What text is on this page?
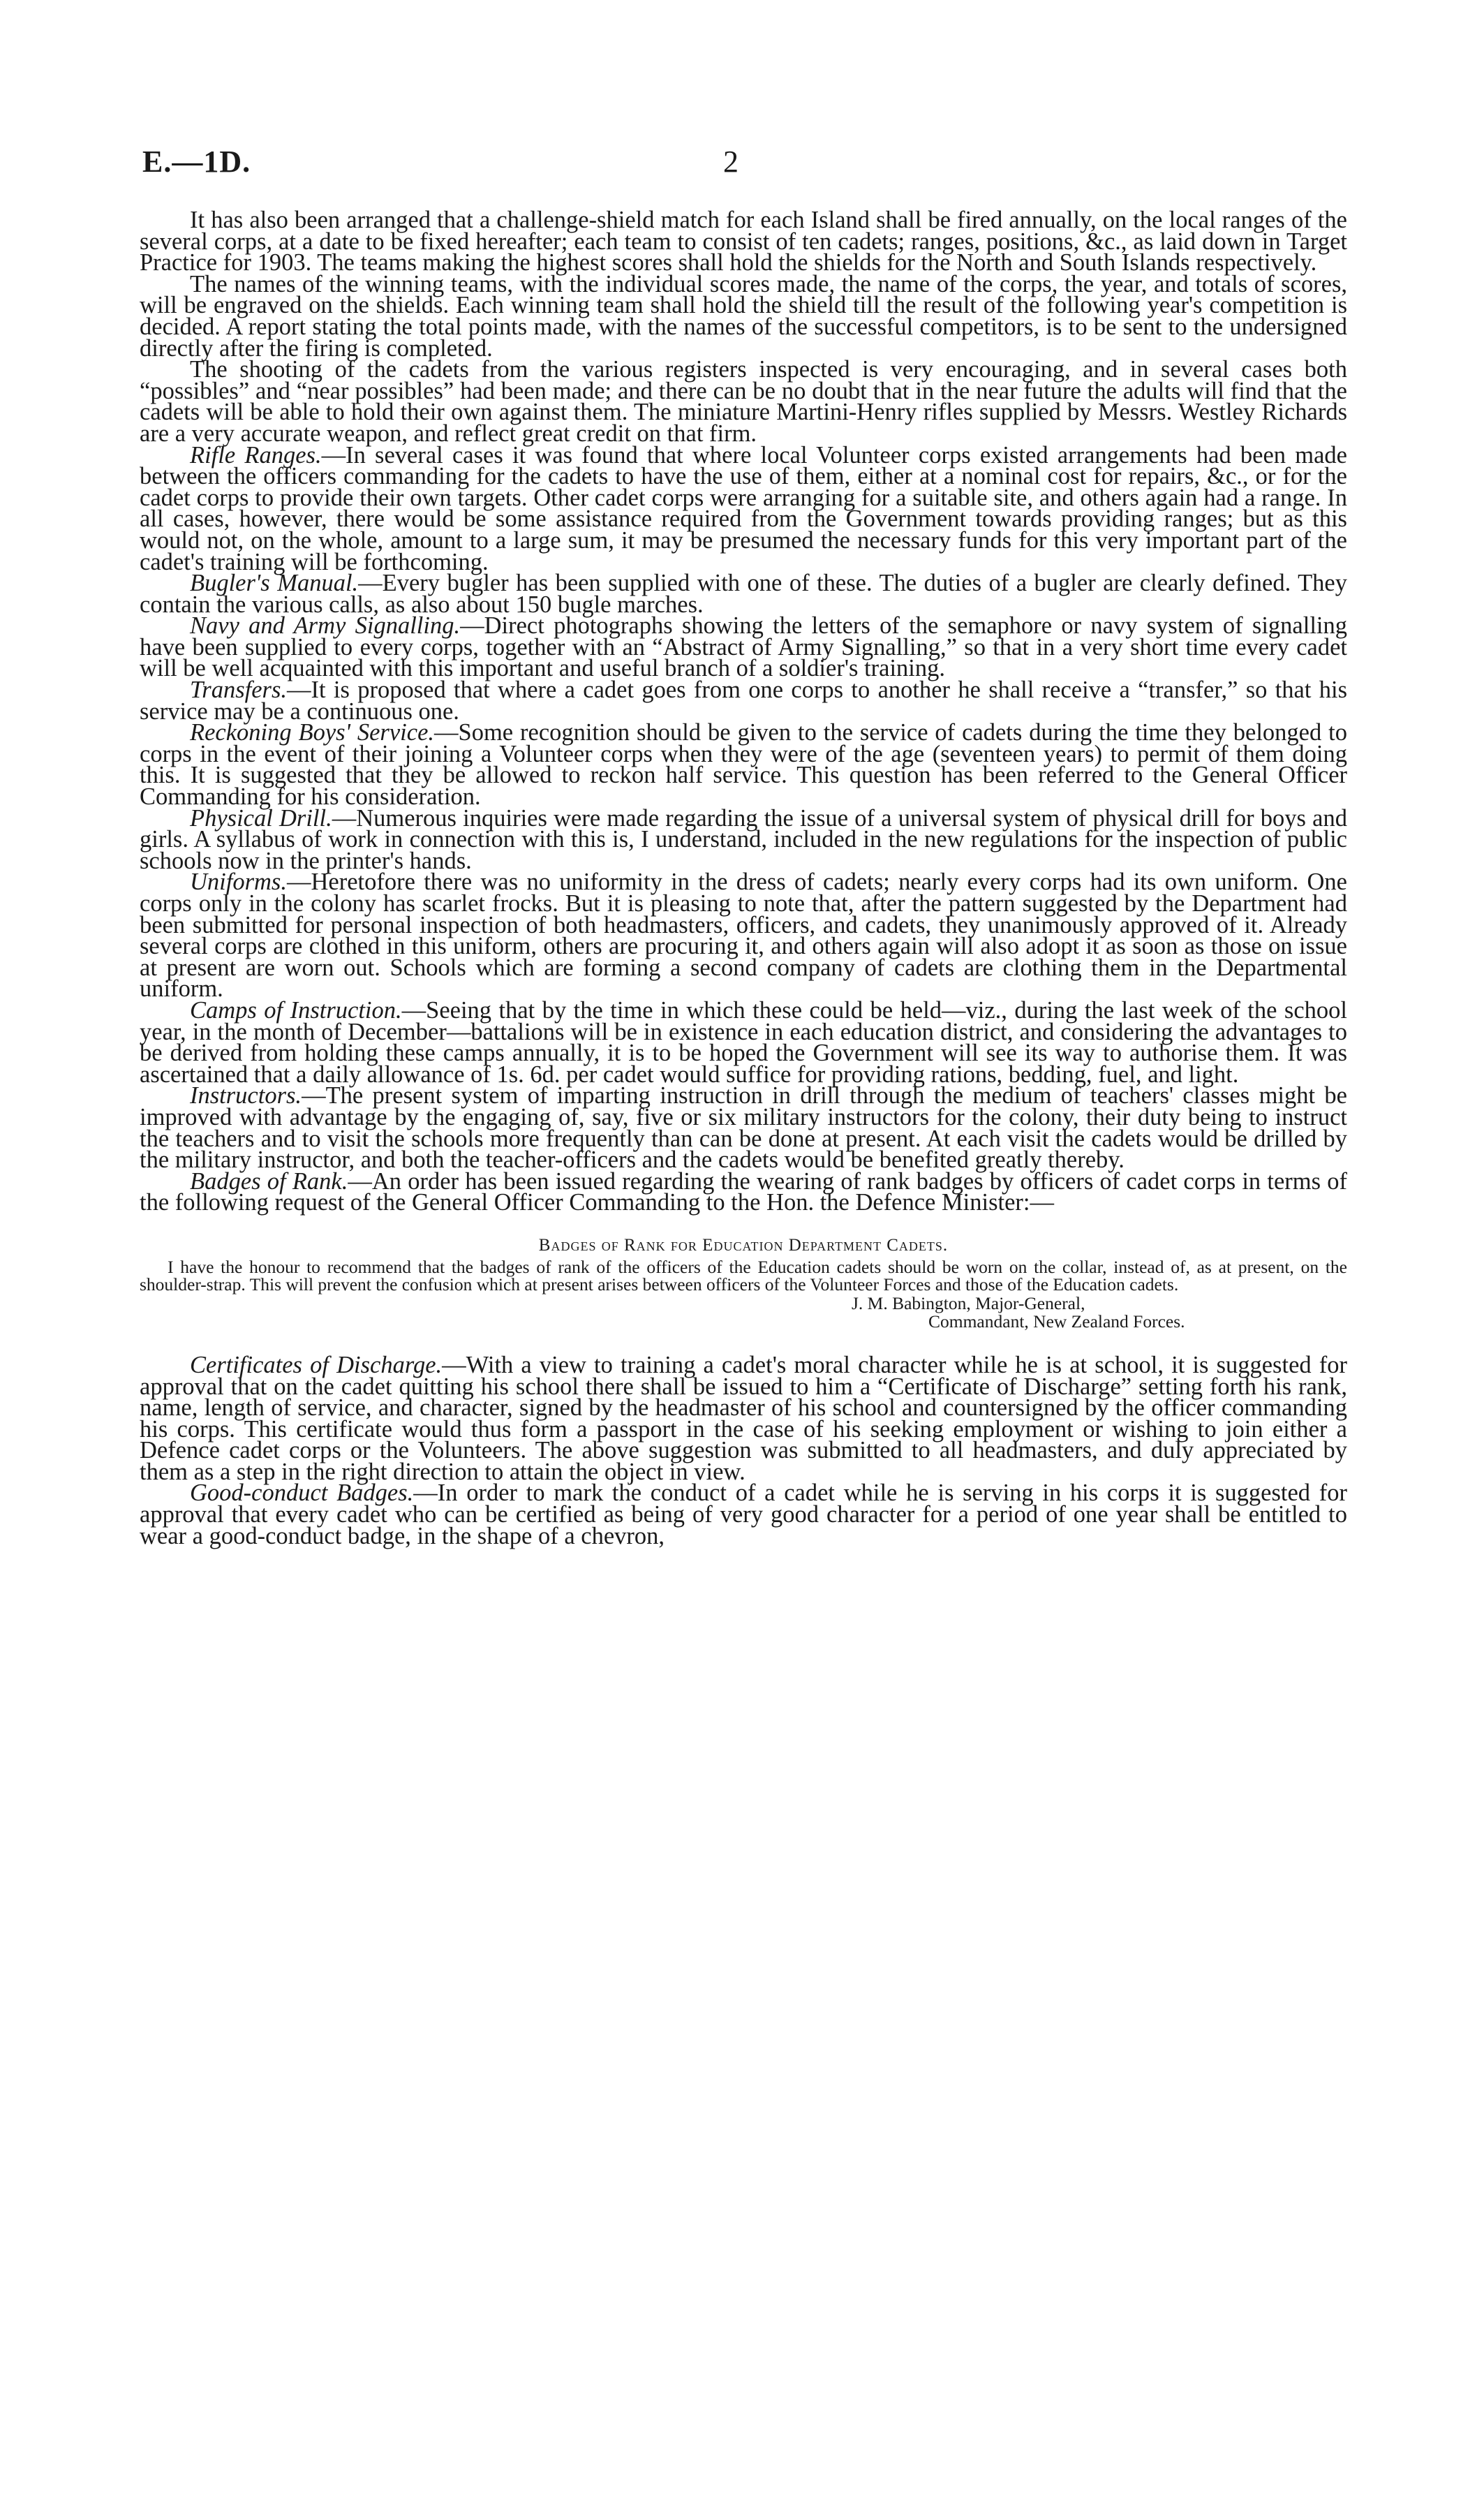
E.—1D.	2

It has also been arranged that a challenge-shield match for each Island shall be fired annually, on the local ranges of the several corps, at a date to be fixed hereafter; each team to consist of ten cadets; ranges, positions, &c., as laid down in Target Practice for 1903. The teams making the highest scores shall hold the shields for the North and South Islands respectively.

The names of the winning teams, with the individual scores made, the name of the corps, the year, and totals of scores, will be engraved on the shields. Each winning team shall hold the shield till the result of the following year's competition is decided. A report stating the total points made, with the names of the successful competitors, is to be sent to the undersigned directly after the firing is completed.

The shooting of the cadets from the various registers inspected is very encouraging, and in several cases both “possibles” and “near possibles” had been made; and there can be no doubt that in the near future the adults will find that the cadets will be able to hold their own against them. The miniature Martini-Henry rifles supplied by Messrs. Westley Richards are a very accurate weapon, and reflect great credit on that firm.

Rifle Ranges.—In several cases it was found that where local Volunteer corps existed arrangements had been made between the officers commanding for the cadets to have the use of them, either at a nominal cost for repairs, &c., or for the cadet corps to provide their own targets. Other cadet corps were arranging for a suitable site, and others again had a range. In all cases, however, there would be some assistance required from the Government towards providing ranges; but as this would not, on the whole, amount to a large sum, it may be presumed the necessary funds for this very important part of the cadet's training will be forthcoming.

Bugler's Manual.—Every bugler has been supplied with one of these. The duties of a bugler are clearly defined. They contain the various calls, as also about 150 bugle marches.

Navy and Army Signalling.—Direct photographs showing the letters of the semaphore or navy system of signalling have been supplied to every corps, together with an “Abstract of Army Signalling,” so that in a very short time every cadet will be well acquainted with this important and useful branch of a soldier's training.

Transfers.—It is proposed that where a cadet goes from one corps to another he shall receive a “transfer,” so that his service may be a continuous one.

Reckoning Boys' Service.—Some recognition should be given to the service of cadets during the time they belonged to corps in the event of their joining a Volunteer corps when they were of the age (seventeen years) to permit of them doing this. It is suggested that they be allowed to reckon half service. This question has been referred to the General Officer Commanding for his consideration.

Physical Drill.—Numerous inquiries were made regarding the issue of a universal system of physical drill for boys and girls. A syllabus of work in connection with this is, I understand, included in the new regulations for the inspection of public schools now in the printer's hands.

Uniforms.—Heretofore there was no uniformity in the dress of cadets; nearly every corps had its own uniform. One corps only in the colony has scarlet frocks. But it is pleasing to note that, after the pattern suggested by the Department had been submitted for personal inspection of both headmasters, officers, and cadets, they unanimously approved of it. Already several corps are clothed in this uniform, others are procuring it, and others again will also adopt it as soon as those on issue at present are worn out. Schools which are forming a second company of cadets are clothing them in the Departmental uniform.

Camps of Instruction.—Seeing that by the time in which these could be held—viz., during the last week of the school year, in the month of December—battalions will be in existence in each education district, and considering the advantages to be derived from holding these camps annually, it is to be hoped the Government will see its way to authorise them. It was ascertained that a daily allowance of 1s. 6d. per cadet would suffice for providing rations, bedding, fuel, and light.

Instructors.—The present system of imparting instruction in drill through the medium of teachers' classes might be improved with advantage by the engaging of, say, five or six military instructors for the colony, their duty being to instruct the teachers and to visit the schools more frequently than can be done at present. At each visit the cadets would be drilled by the military instructor, and both the teacher-officers and the cadets would be benefited greatly thereby.

Badges of Rank.—An order has been issued regarding the wearing of rank badges by officers of cadet corps in terms of the following request of the General Officer Commanding to the Hon. the Defence Minister:—

Badges of Rank for Education Department Cadets.

I have the honour to recommend that the badges of rank of the officers of the Education cadets should be worn on the collar, instead of, as at present, on the shoulder-strap. This will prevent the confusion which at present arises between officers of the Volunteer Forces and those of the Education cadets.

J. M. Babington, Major-General,
Commandant, New Zealand Forces.

Certificates of Discharge.—With a view to training a cadet's moral character while he is at school, it is suggested for approval that on the cadet quitting his school there shall be issued to him a “Certificate of Discharge” setting forth his rank, name, length of service, and character, signed by the headmaster of his school and countersigned by the officer commanding his corps. This certificate would thus form a passport in the case of his seeking employment or wishing to join either a Defence cadet corps or the Volunteers. The above suggestion was submitted to all headmasters, and duly appreciated by them as a step in the right direction to attain the object in view.

Good-conduct Badges.—In order to mark the conduct of a cadet while he is serving in his corps it is suggested for approval that every cadet who can be certified as being of very good character for a period of one year shall be entitled to wear a good-conduct badge, in the shape of a chevron,
